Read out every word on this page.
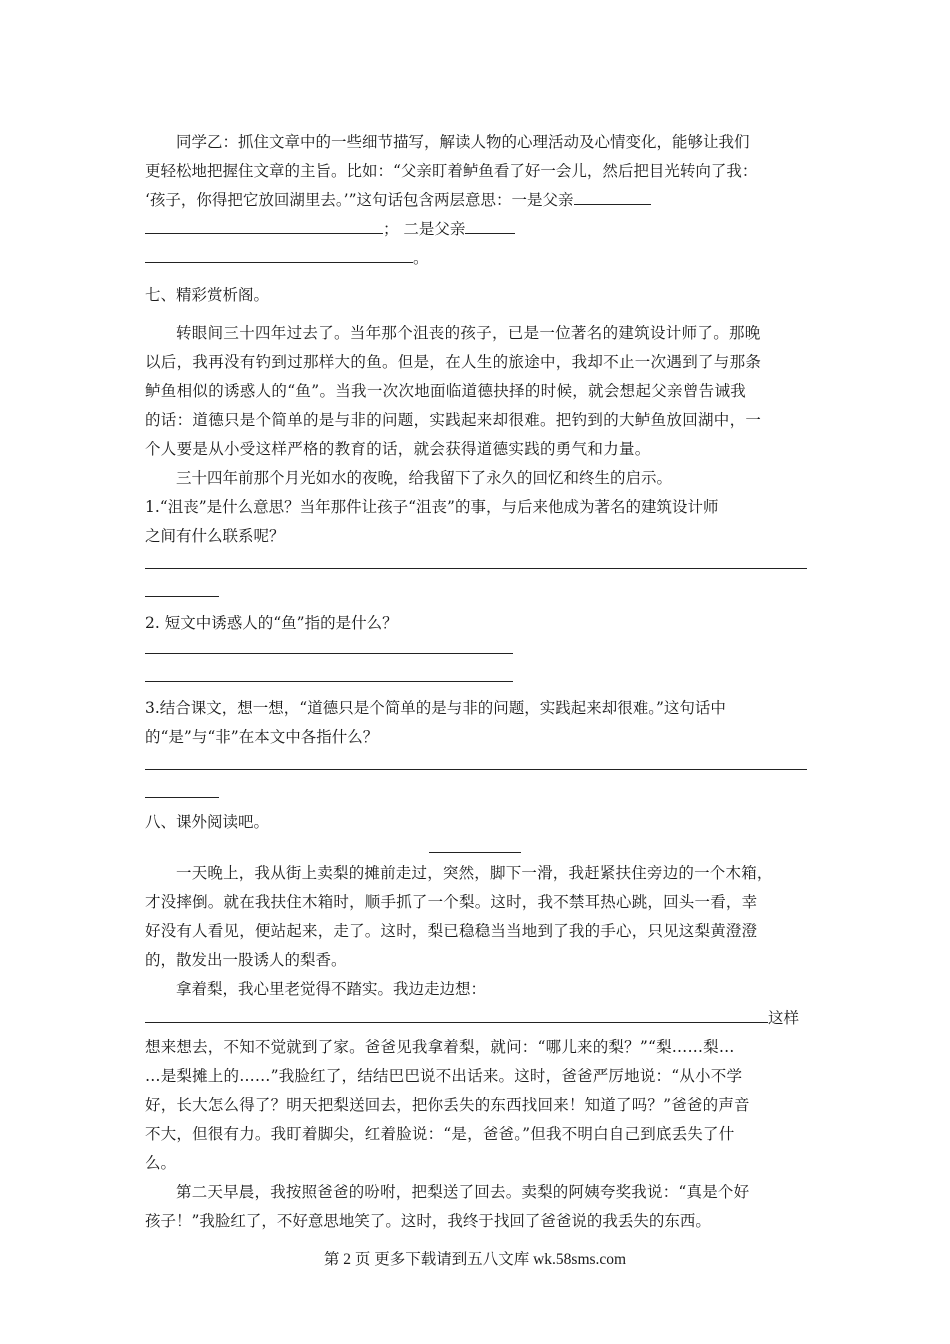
同学乙：抓住文章中的一些细节描写，解读人物的心理活动及心情变化，能够让我们

更轻松地把握住文章的主旨。比如：“父亲盯着鲈鱼看了好一会儿，然后把目光转向了我：

‘孩子，你得把它放回湖里去。’”这句话包含两层意思：一是父亲

； 二是父亲

。

七、精彩赏析阁。

转眼间三十四年过去了。当年那个沮丧的孩子，已是一位著名的建筑设计师了。那晚

以后，我再没有钓到过那样大的鱼。但是，在人生的旅途中，我却不止一次遇到了与那条

鲈鱼相似的诱惑人的“鱼”。当我一次次地面临道德抉择的时候，就会想起父亲曾告诫我

的话：道德只是个简单的是与非的问题，实践起来却很难。把钓到的大鲈鱼放回湖中，一

个人要是从小受这样严格的教育的话，就会获得道德实践的勇气和力量。

三十四年前那个月光如水的夜晚，给我留下了永久的回忆和终生的启示。

1.“沮丧”是什么意思？当年那件让孩子“沮丧”的事，与后来他成为著名的建筑设计师

之间有什么联系呢？

2. 短文中诱惑人的“鱼”指的是什么？

3.结合课文，想一想，“道德只是个简单的是与非的问题，实践起来却很难。”这句话中

的“是”与“非”在本文中各指什么？

八、课外阅读吧。

一天晚上，我从街上卖梨的摊前走过，突然，脚下一滑，我赶紧扶住旁边的一个木箱，

才没摔倒。就在我扶住木箱时，顺手抓了一个梨。这时，我不禁耳热心跳，回头一看，幸

好没有人看见，便站起来，走了。这时，梨已稳稳当当地到了我的手心，只见这梨黄澄澄

的，散发出一股诱人的梨香。

拿着梨，我心里老觉得不踏实。我边走边想：

这样

想来想去，不知不觉就到了家。爸爸见我拿着梨，就问：“哪儿来的梨？”“梨……梨…

…是梨摊上的……”我脸红了，结结巴巴说不出话来。这时，爸爸严厉地说：“从小不学

好，长大怎么得了？明天把梨送回去，把你丢失的东西找回来！知道了吗？”爸爸的声音

不大，但很有力。我盯着脚尖，红着脸说：“是，爸爸。”但我不明白自己到底丢失了什

么。

第二天早晨，我按照爸爸的吩咐，把梨送了回去。卖梨的阿姨夸奖我说：“真是个好

孩子！”我脸红了，不好意思地笑了。这时，我终于找回了爸爸说的我丢失的东西。

第 2 页 更多下载请到五八文库 wk.58sms.com
